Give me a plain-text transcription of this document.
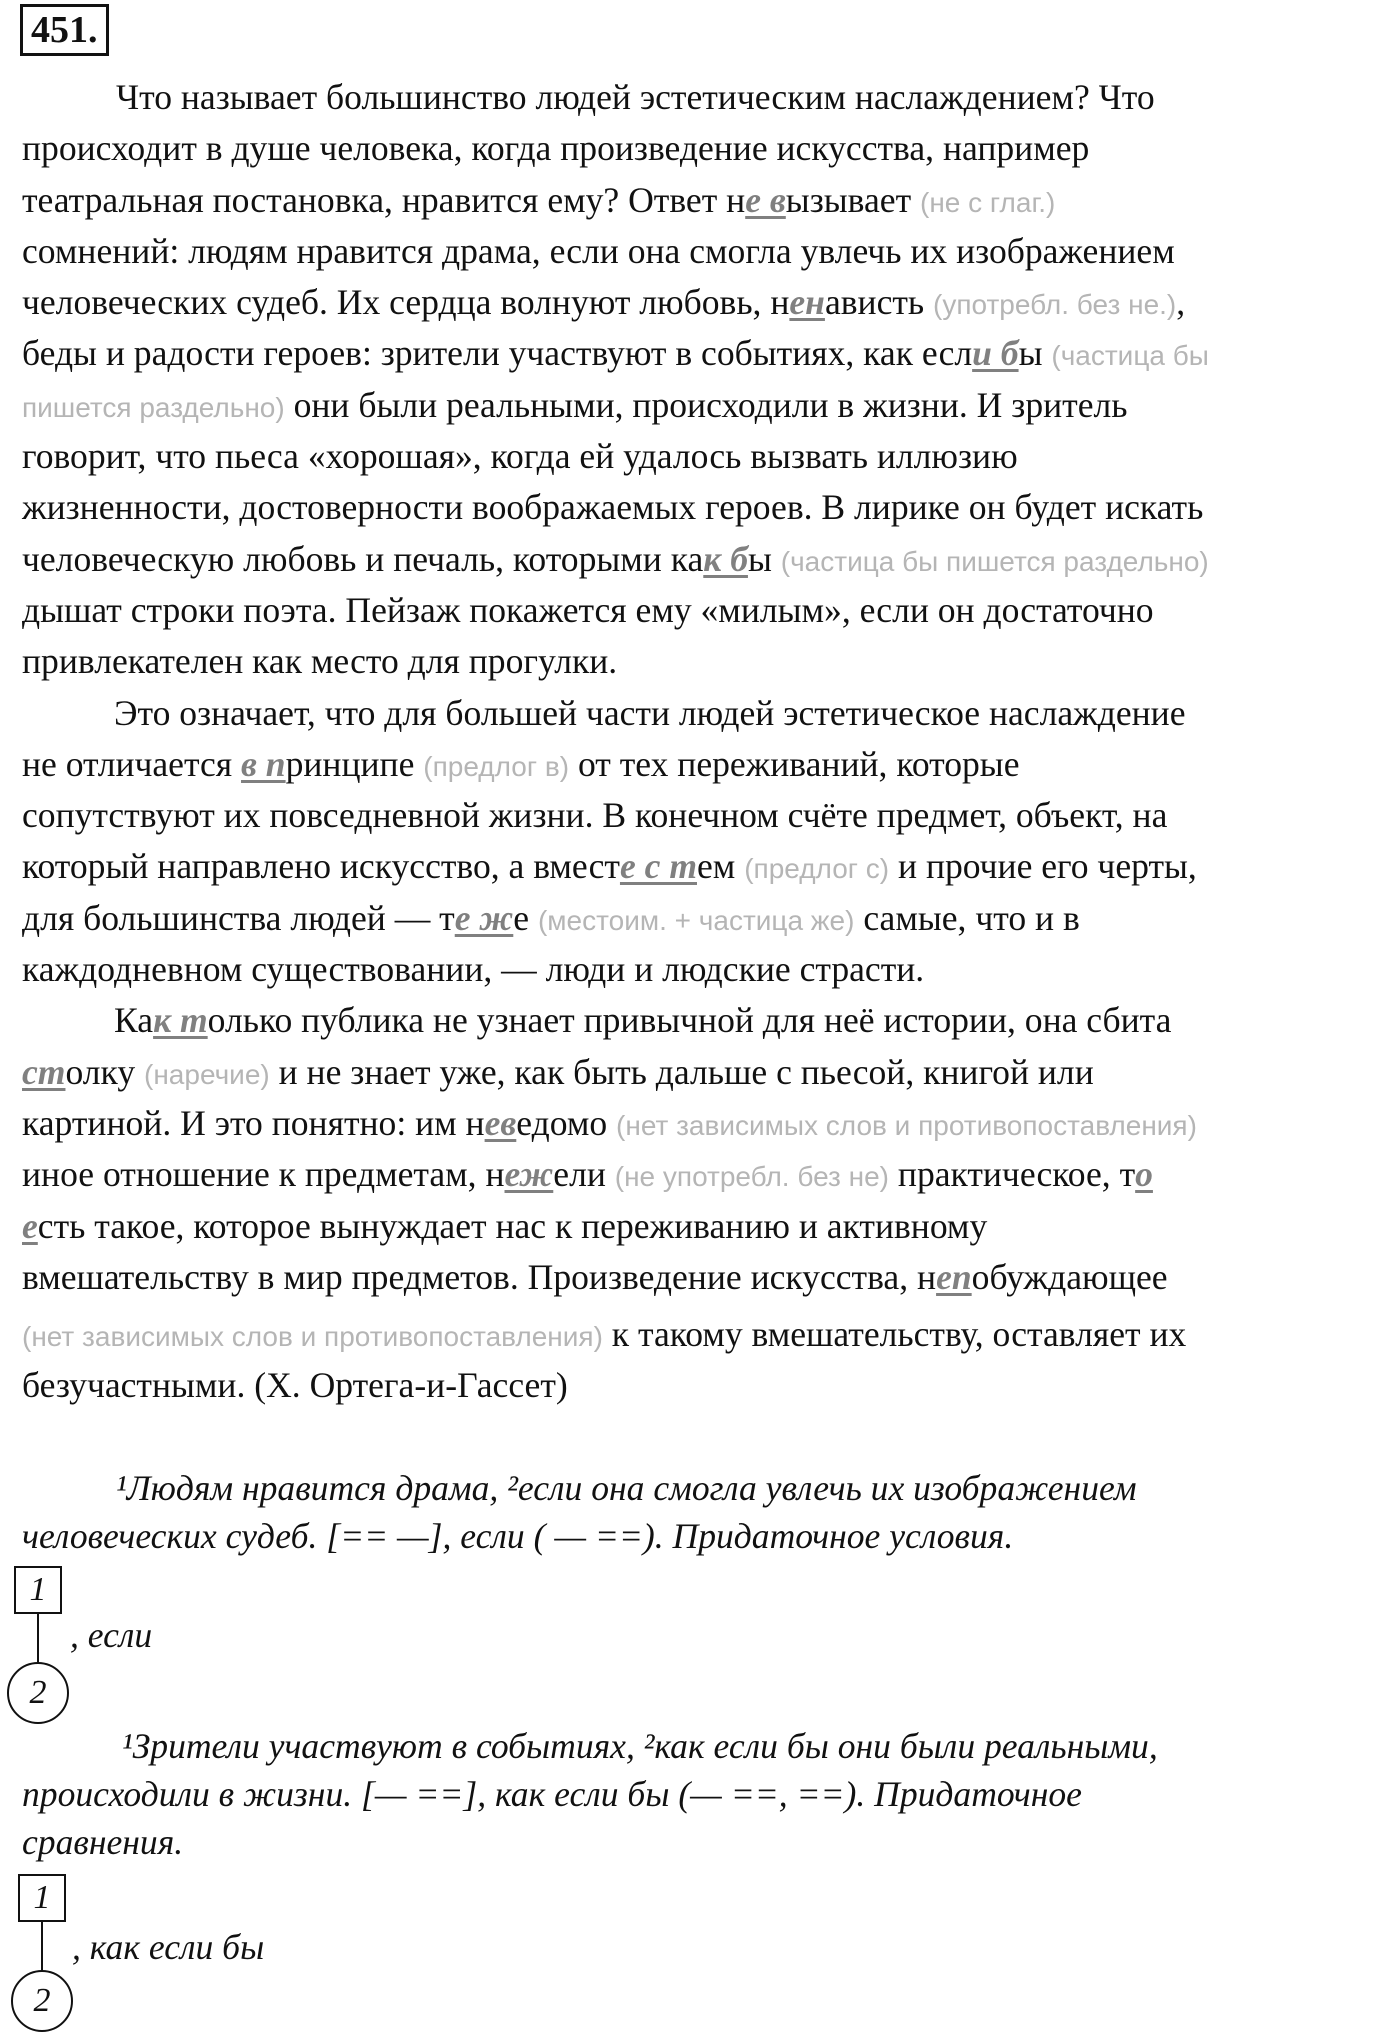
451.
Что называет большинство людей эстетическим наслаждением? Что
происходит в душе человека, когда произведение искусства, например
театральная постановка, нравится ему? Ответ не вызывает (не с глаг.)
сомнений: людям нравится драма, если она смогла увлечь их изображением
человеческих судеб. Их сердца волнуют любовь, ненависть (употребл. без не.),
беды и радости героев: зрители участвуют в событиях, как если бы (частица бы
пишется раздельно) они были реальными, происходили в жизни. И зритель
говорит, что пьеса «хорошая», когда ей удалось вызвать иллюзию
жизненности, достоверности воображаемых героев. В лирике он будет искать
человеческую любовь и печаль, которыми как бы (частица бы пишется раздельно)
дышат строки поэта. Пейзаж покажется ему «милым», если он достаточно
привлекателен как место для прогулки.
Это означает, что для большей части людей эстетическое наслаждение
не отличается в принципе (предлог в) от тех переживаний, которые
сопутствуют их повседневной жизни. В конечном счёте предмет, объект, на
который направлено искусство, а вместе с тем (предлог с) и прочие его черты,
для большинства людей — те же (местоим. + частица же) самые, что и в
каждодневном существовании, — люди и людские страсти.
Как только публика не узнает привычной для неё истории, она сбита
столку (наречие) и не знает уже, как быть дальше с пьесой, книгой или
картиной. И это понятно: им неведомо (нет зависимых слов и противопоставления)
иное отношение к предметам, нежели (не употребл. без не) практическое, то
есть такое, которое вынуждает нас к переживанию и активному
вмешательству в мир предметов. Произведение искусства, непобуждающее
(нет зависимых слов и противопоставления) к такому вмешательству, оставляет их
безучастными. (Х. Ортега-и-Гассет)
¹Людям нравится драма, ²если она смогла увлечь их изображением
человеческих судеб. [== —], если ( — ==). Придаточное условия.
1
, если
2
¹Зрители участвуют в событиях, ²как если бы они были реальными,
происходили в жизни. [— ==], как если бы (— ==, ==). Придаточное
сравнения.
1
, как если бы
2
